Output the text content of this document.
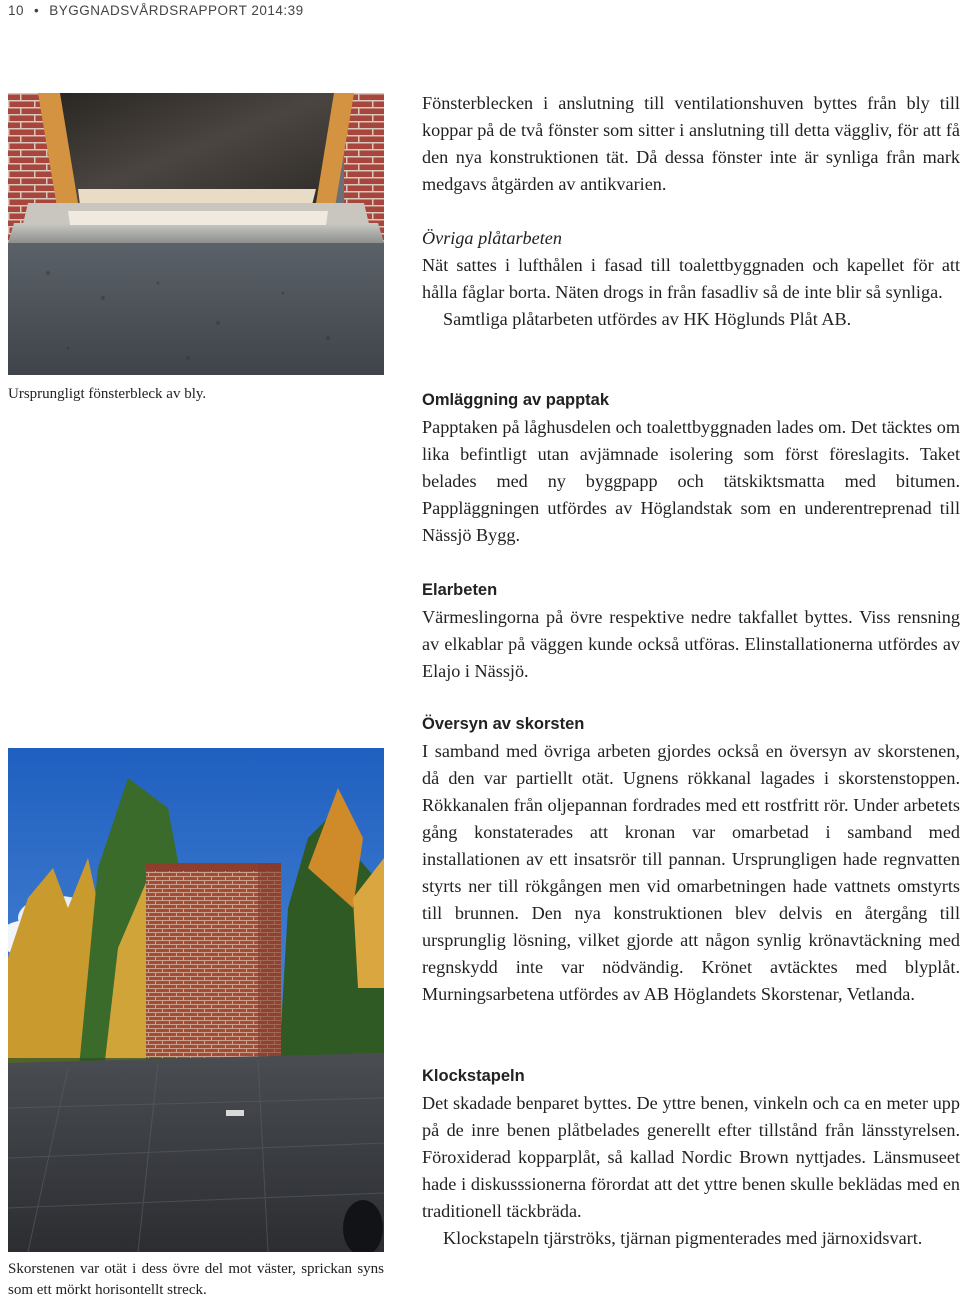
10 • BYGGNADSVÅRDSRAPPORT 2014:39
Ursprungligt fönsterbleck av bly.
Skorstenen var otät i dess övre del mot väster, sprickan syns som ett mörkt horisontellt streck.

Fönsterblecken i anslutning till ventilationshuven byttes från bly till koppar på de två fönster som sitter i anslutning till detta väggliv, för att få den nya konstruktionen tät. Då dessa fönster inte är synliga från mark medgavs åtgärden av antikvarien.

Övriga plåtarbeten

Nät sattes i lufthålen i fasad till toalettbyggnaden och kapellet för att hålla fåglar borta. Näten drogs in från fasadliv så de inte blir så synliga.

Samtliga plåtarbeten utfördes av HK Höglunds Plåt AB.

Omläggning av papptak

Papptaken på låghusdelen och toalettbyggnaden lades om. Det täcktes om lika befintligt utan avjämnade isolering som först föreslagits. Taket belades med ny byggpapp och tätskiktsmatta med bitumen. Pappläggningen utfördes av Höglandstak som en underentreprenad till Nässjö Bygg.

Elarbeten

Värmeslingorna på övre respektive nedre takfallet byttes. Viss rensning av elkablar på väggen kunde också utföras. Elinstallationerna utfördes av Elajo i Nässjö.

Översyn av skorsten

I samband med övriga arbeten gjordes också en översyn av skorstenen, då den var partiellt otät. Ugnens rökkanal lagades i skorstenstoppen. Rökkanalen från oljepannan fordrades med ett rostfritt rör. Under arbetets gång konstaterades att kronan var omarbetad i samband med installationen av ett insatsrör till pannan. Ursprungligen hade regnvatten styrts ner till rökgången men vid omarbetningen hade vattnets omstyrts till brunnen. Den nya konstruktionen blev delvis en återgång till ursprunglig lösning, vilket gjorde att någon synlig krönavtäckning med regnskydd inte var nödvändig. Krönet avtäcktes med blyplåt. Murningsarbetena utfördes av AB Höglandets Skorstenar, Vetlanda.

Klockstapeln

Det skadade benparet byttes. De yttre benen, vinkeln och ca en meter upp på de inre benen plåtbelades generellt efter tillstånd från länsstyrelsen. Föroxiderad kopparplåt, så kallad Nordic Brown nyttjades. Länsmuseet hade i diskusssionerna förordat att det yttre benen skulle beklädas med en traditionell täckbräda.

Klockstapeln tjärströks, tjärnan pigmenterades med järnoxidsvart.
